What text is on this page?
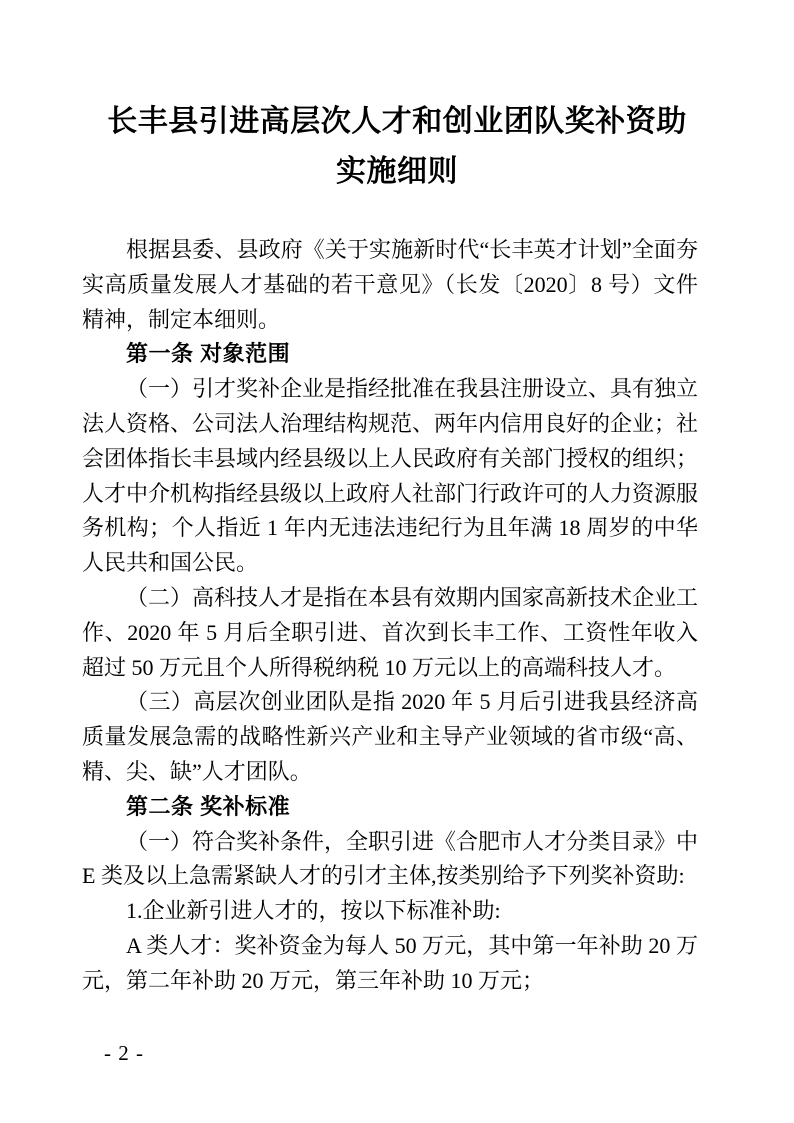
长丰县引进高层次人才和创业团队奖补资助
实施细则

根据县委、县政府《关于实施新时代“长丰英才计划”全面夯实高质量发展人才基础的若干意见》（长发〔2020〕8 号）文件精神，制定本细则。

第一条 对象范围

（一）引才奖补企业是指经批准在我县注册设立、具有独立法人资格、公司法人治理结构规范、两年内信用良好的企业；社会团体指长丰县域内经县级以上人民政府有关部门授权的组织；人才中介机构指经县级以上政府人社部门行政许可的人力资源服务机构；个人指近 1 年内无违法违纪行为且年满 18 周岁的中华人民共和国公民。

（二）高科技人才是指在本县有效期内国家高新技术企业工作、2020 年 5 月后全职引进、首次到长丰工作、工资性年收入超过 50 万元且个人所得税纳税 10 万元以上的高端科技人才。

（三）高层次创业团队是指 2020 年 5 月后引进我县经济高质量发展急需的战略性新兴产业和主导产业领域的省市级“高、精、尖、缺”人才团队。

第二条 奖补标准

（一）符合奖补条件，全职引进《合肥市人才分类目录》中 E 类及以上急需紧缺人才的引才主体,按类别给予下列奖补资助:

1.企业新引进人才的，按以下标准补助:

A 类人才：奖补资金为每人 50 万元，其中第一年补助 20 万元，第二年补助 20 万元，第三年补助 10 万元；

- 2 -
